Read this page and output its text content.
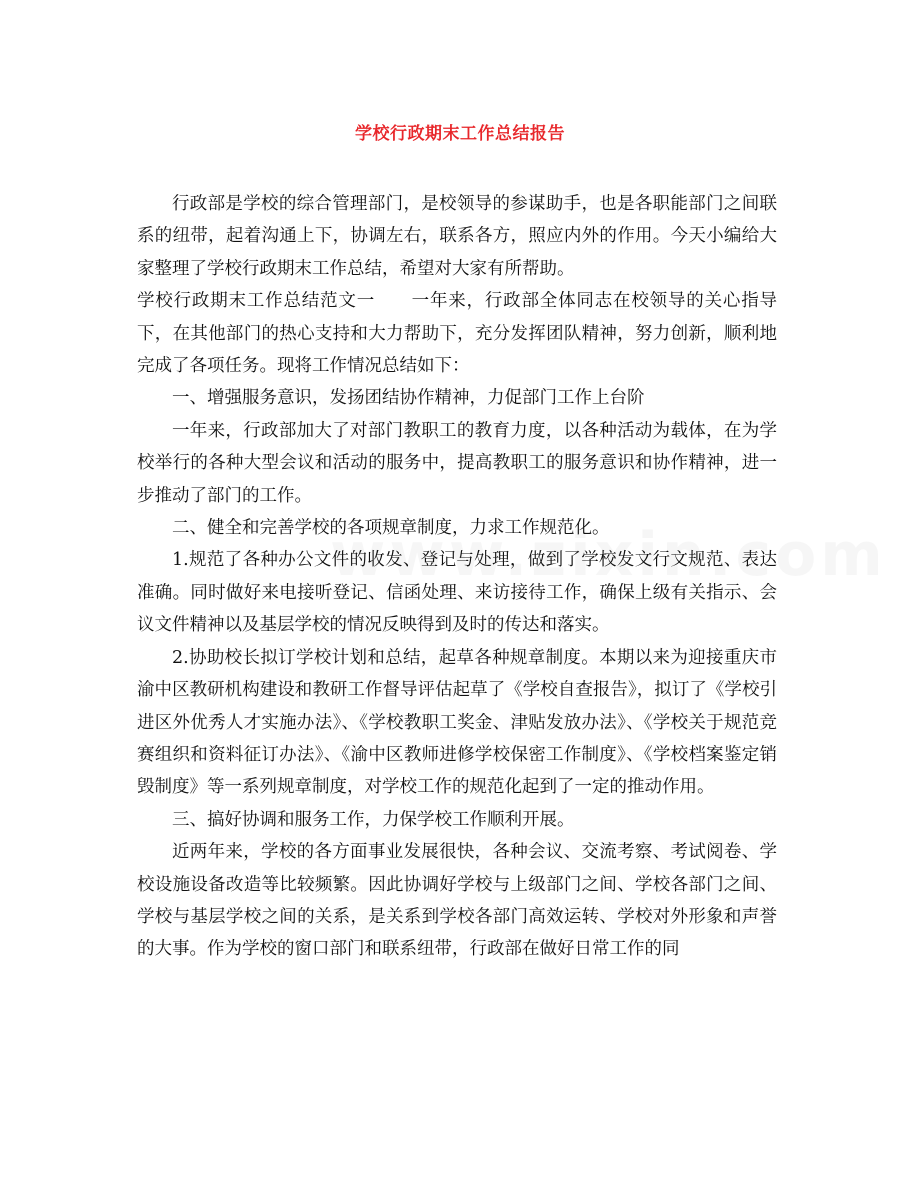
学校行政期末工作总结报告

行政部是学校的综合管理部门，是校领导的参谋助手，也是各职能部门之间联系的纽带，起着沟通上下，协调左右，联系各方，照应内外的作用。今天小编给大家整理了学校行政期末工作总结，希望对大家有所帮助。

学校行政期末工作总结范文一　　一年来，行政部全体同志在校领导的关心指导下，在其他部门的热心支持和大力帮助下，充分发挥团队精神，努力创新，顺利地完成了各项任务。现将工作情况总结如下：

一、增强服务意识，发扬团结协作精神，力促部门工作上台阶

一年来，行政部加大了对部门教职工的教育力度，以各种活动为载体，在为学校举行的各种大型会议和活动的服务中，提高教职工的服务意识和协作精神，进一步推动了部门的工作。

二、健全和完善学校的各项规章制度，力求工作规范化。

1.规范了各种办公文件的收发、登记与处理，做到了学校发文行文规范、表达准确。同时做好来电接听登记、信函处理、来访接待工作，确保上级有关指示、会议文件精神以及基层学校的情况反映得到及时的传达和落实。

2.协助校长拟订学校计划和总结，起草各种规章制度。本期以来为迎接重庆市渝中区教研机构建设和教研工作督导评估起草了《学校自查报告》，拟订了《学校引进区外优秀人才实施办法》、《学校教职工奖金、津贴发放办法》、《学校关于规范竞赛组织和资料征订办法》、《渝中区教师进修学校保密工作制度》、《学校档案鉴定销毁制度》等一系列规章制度，对学校工作的规范化起到了一定的推动作用。

三、搞好协调和服务工作，力保学校工作顺利开展。

近两年来，学校的各方面事业发展很快，各种会议、交流考察、考试阅卷、学校设施设备改造等比较频繁。因此协调好学校与上级部门之间、学校各部门之间、学校与基层学校之间的关系，是关系到学校各部门高效运转、学校对外形象和声誉的大事。作为学校的窗口部门和联系纽带，行政部在做好日常工作的同
